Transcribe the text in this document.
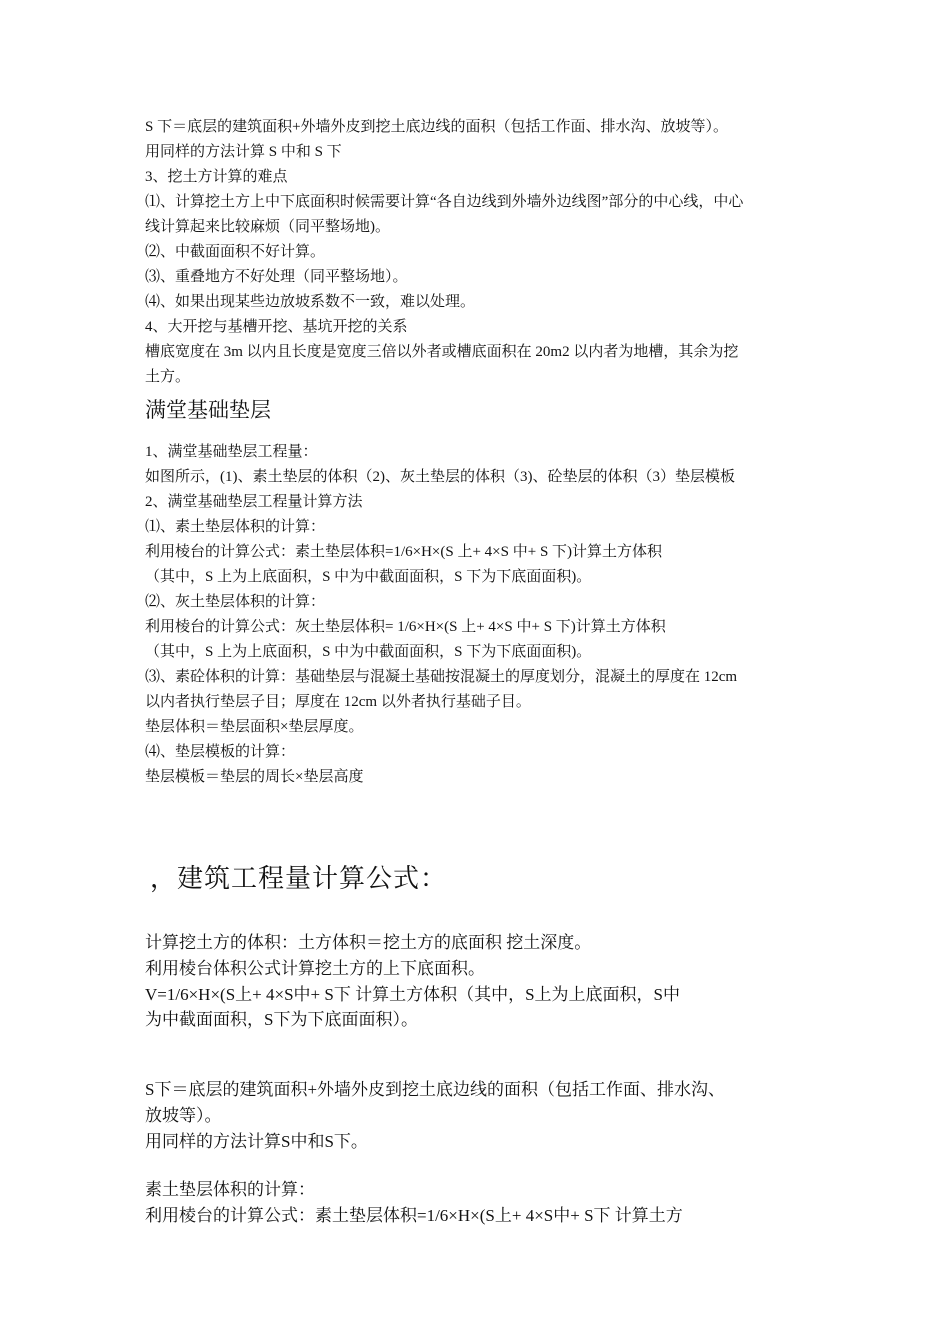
S 下＝底层的建筑面积+外墙外皮到挖土底边线的面积（包括工作面、排水沟、放坡等）。
用同样的方法计算 S 中和 S 下
3、挖土方计算的难点
⑴、计算挖土方上中下底面积时候需要计算“各自边线到外墙外边线图”部分的中心线，中心
线计算起来比较麻烦（同平整场地)。
⑵、中截面面积不好计算。
⑶、重叠地方不好处理（同平整场地）。
⑷、如果出现某些边放坡系数不一致，难以处理。
4、大开挖与基槽开挖、基坑开挖的关系
槽底宽度在 3m 以内且长度是宽度三倍以外者或槽底面积在 20m2 以内者为地槽，其余为挖
土方。
满堂基础垫层
1、满堂基础垫层工程量：
如图所示，(1)、素土垫层的体积（2)、灰土垫层的体积（3)、砼垫层的体积（3）垫层模板
2、满堂基础垫层工程量计算方法
⑴、素土垫层体积的计算：
利用棱台的计算公式：素土垫层体积=1/6×H×(S 上+ 4×S 中+ S 下)计算土方体积
（其中，S 上为上底面积，S 中为中截面面积，S 下为下底面面积)。
⑵、灰土垫层体积的计算：
利用棱台的计算公式：灰土垫层体积= 1/6×H×(S 上+ 4×S 中+ S 下)计算土方体积
（其中，S 上为上底面积，S 中为中截面面积，S 下为下底面面积)。
⑶、素砼体积的计算：基础垫层与混凝土基础按混凝土的厚度划分，混凝土的厚度在 12cm
以内者执行垫层子目；厚度在 12cm 以外者执行基础子目。
垫层体积＝垫层面积×垫层厚度。
⑷、垫层模板的计算：
垫层模板＝垫层的周长×垫层高度
，建筑工程量计算公式：
计算挖土方的体积：土方体积＝挖土方的底面积 挖土深度。
利用棱台体积公式计算挖土方的上下底面积。
V=1/6×H×(S上+ 4×S中+ S下 计算土方体积（其中，S上为上底面积，S中
为中截面面积，S下为下底面面积）。
S下＝底层的建筑面积+外墙外皮到挖土底边线的面积（包括工作面、排水沟、
放坡等）。
用同样的方法计算S中和S下。
素土垫层体积的计算：
利用棱台的计算公式：素土垫层体积=1/6×H×(S上+ 4×S中+ S下 计算土方
